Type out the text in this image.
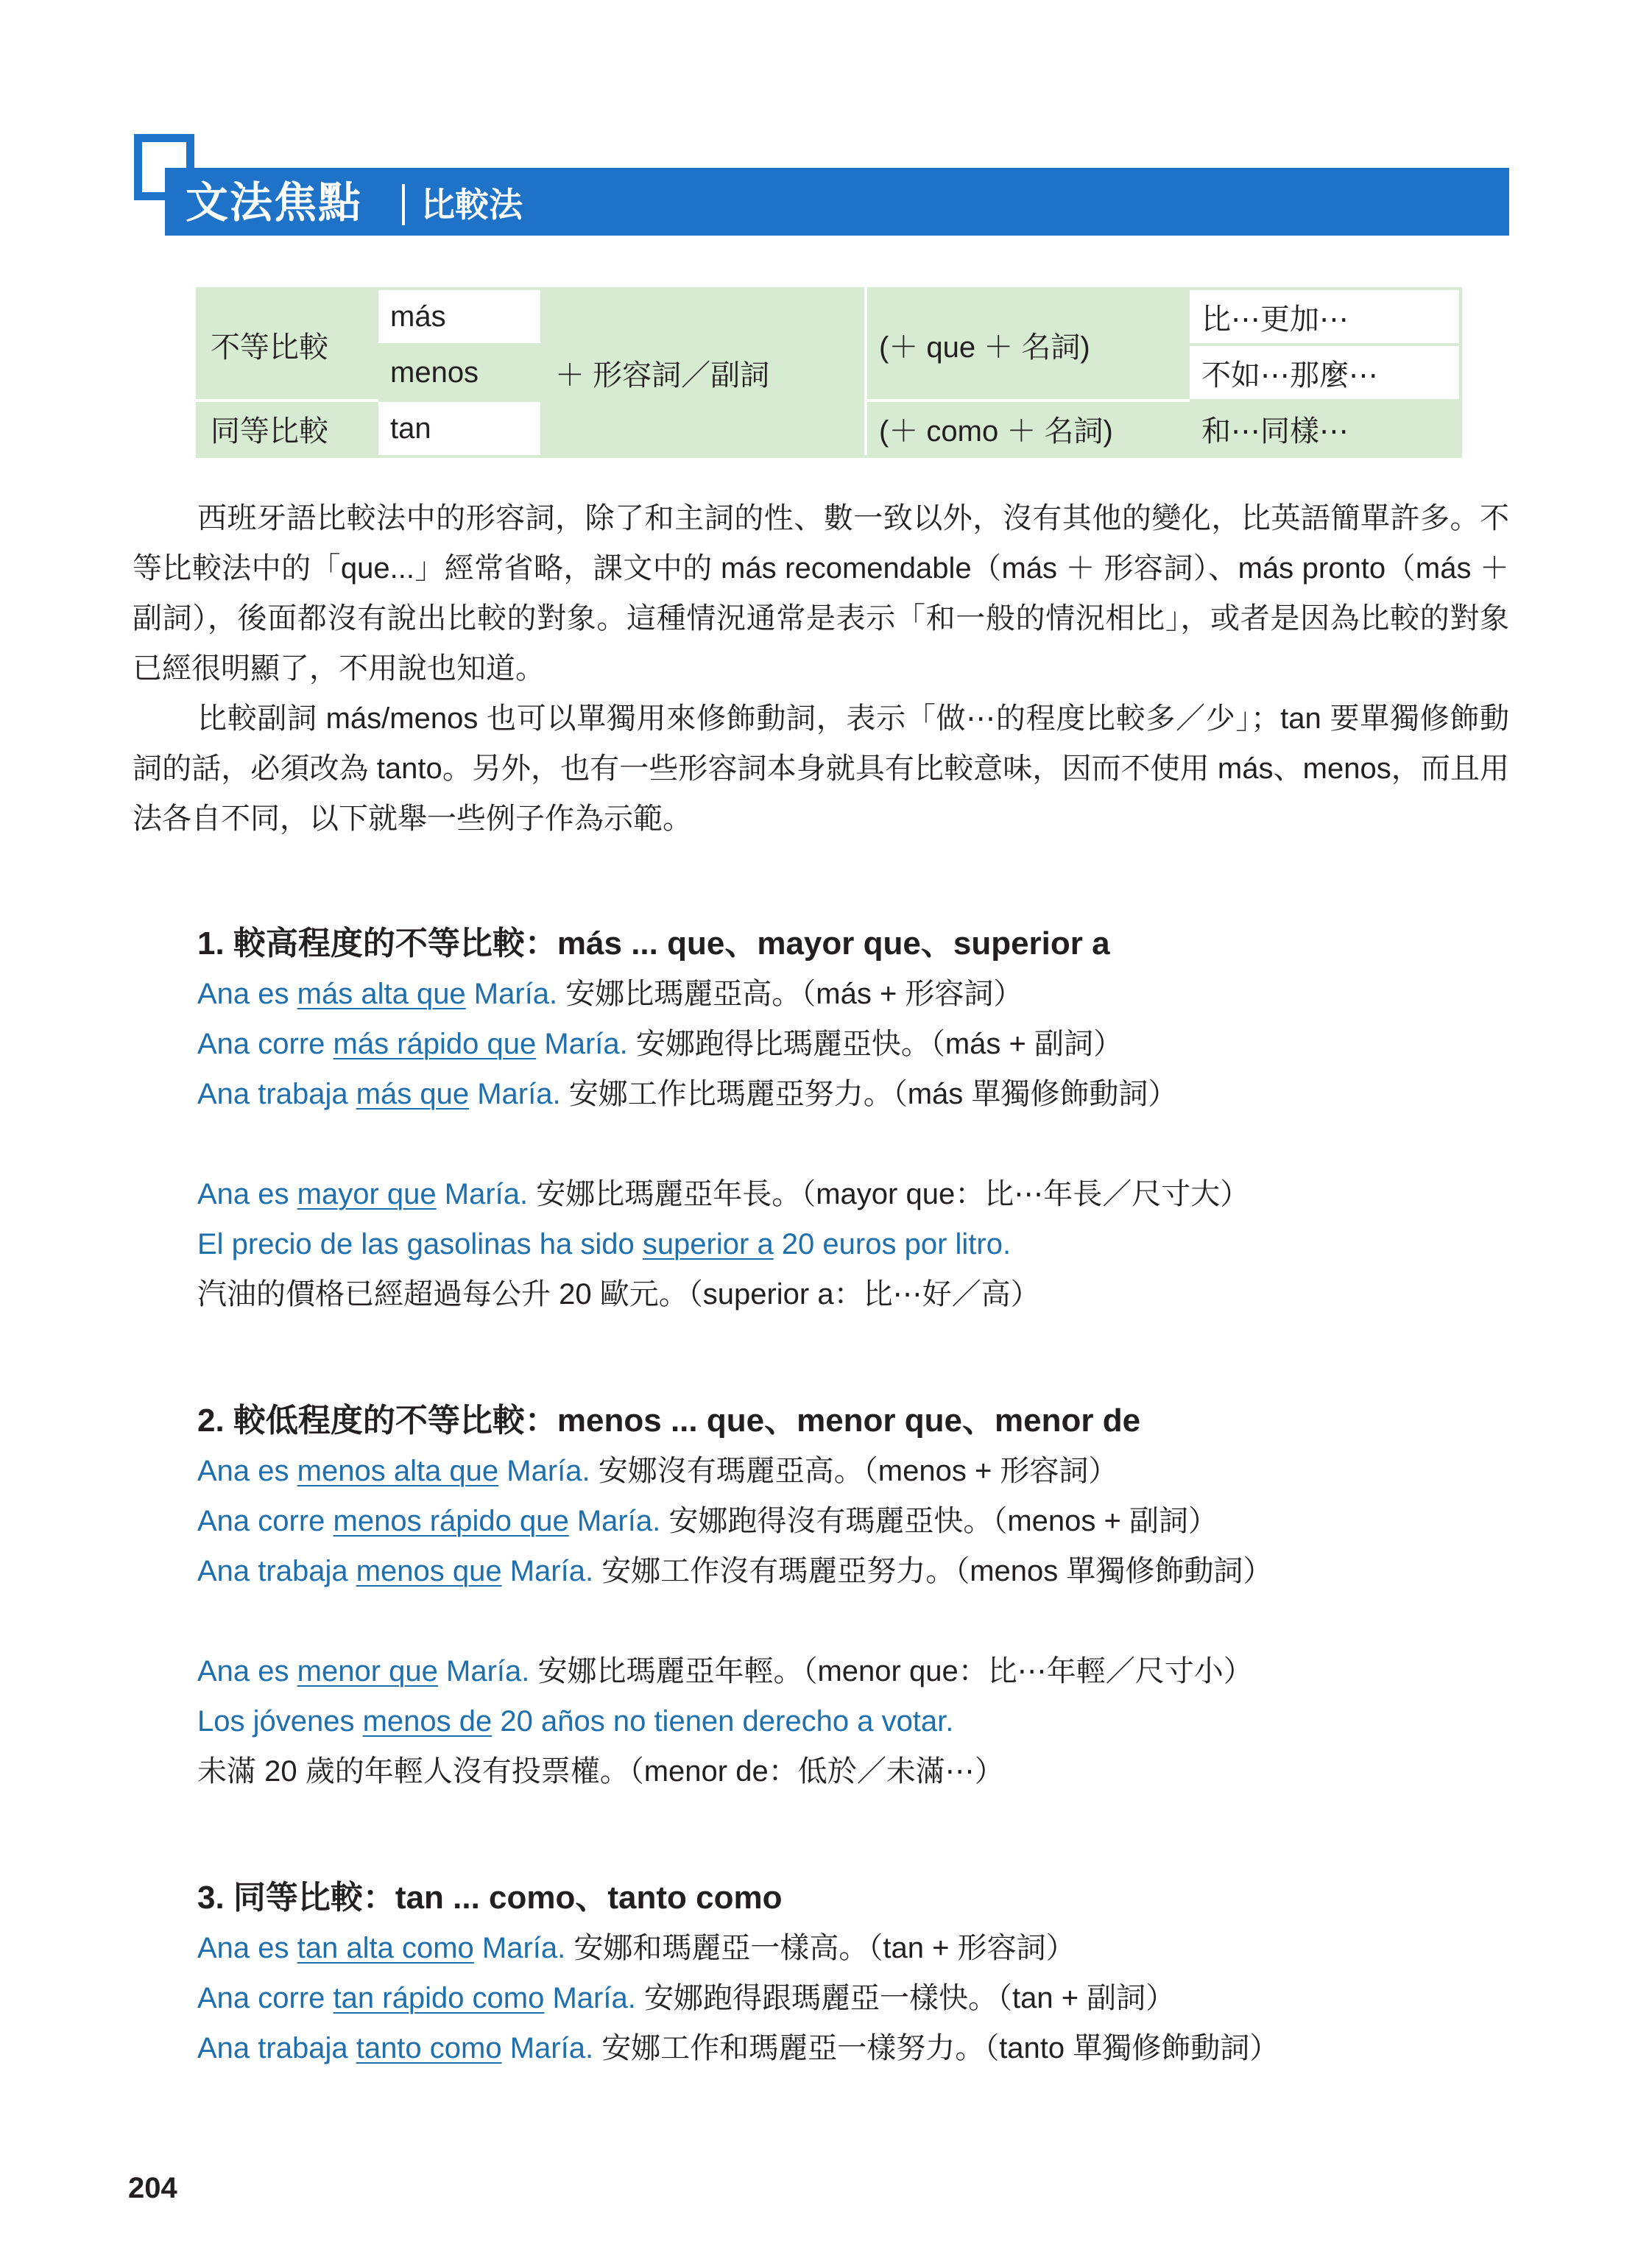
文法焦點 比較法
不等比較	más	＋ 形容詞／副詞	(＋ que ＋ 名詞)	比⋯更加⋯
	menos			不如⋯那麼⋯
同等比較	tan		(＋ como ＋ 名詞)	和⋯同樣⋯

西班牙語比較法中的形容詞，除了和主詞的性、數一致以外，沒有其他的變化，比英語簡單許多。不等比較法中的「que...」經常省略，課文中的 más recomendable（más ＋ 形容詞）、más pronto（más ＋ 副詞），後面都沒有說出比較的對象。這種情況通常是表示「和一般的情況相比」，或者是因為比較的對象已經很明顯了，不用說也知道。

比較副詞 más/menos 也可以單獨用來修飾動詞，表示「做⋯的程度比較多／少」；tan 要單獨修飾動詞的話，必須改為 tanto。另外，也有一些形容詞本身就具有比較意味，因而不使用 más、menos，而且用法各自不同，以下就舉一些例子作為示範。

1. 較高程度的不等比較：más ... que、mayor que、superior a
Ana es más alta que María. 安娜比瑪麗亞高。（más + 形容詞）
Ana corre más rápido que María. 安娜跑得比瑪麗亞快。（más + 副詞）
Ana trabaja más que María. 安娜工作比瑪麗亞努力。（más 單獨修飾動詞）
Ana es mayor que María. 安娜比瑪麗亞年長。（mayor que：比⋯年長／尺寸大）
El precio de las gasolinas ha sido superior a 20 euros por litro.
汽油的價格已經超過每公升 20 歐元。（superior a：比⋯好／高）
2. 較低程度的不等比較：menos ... que、menor que、menor de
Ana es menos alta que María. 安娜沒有瑪麗亞高。（menos + 形容詞）
Ana corre menos rápido que María. 安娜跑得沒有瑪麗亞快。（menos + 副詞）
Ana trabaja menos que María. 安娜工作沒有瑪麗亞努力。（menos 單獨修飾動詞）
Ana es menor que María. 安娜比瑪麗亞年輕。（menor que：比⋯年輕／尺寸小）
Los jóvenes menos de 20 años no tienen derecho a votar.
未滿 20 歲的年輕人沒有投票權。（menor de：低於／未滿⋯）
3. 同等比較：tan ... como、tanto como
Ana es tan alta como María. 安娜和瑪麗亞一樣高。（tan + 形容詞）
Ana corre tan rápido como María. 安娜跑得跟瑪麗亞一樣快。（tan + 副詞）
Ana trabaja tanto como María. 安娜工作和瑪麗亞一樣努力。（tanto 單獨修飾動詞）
204
